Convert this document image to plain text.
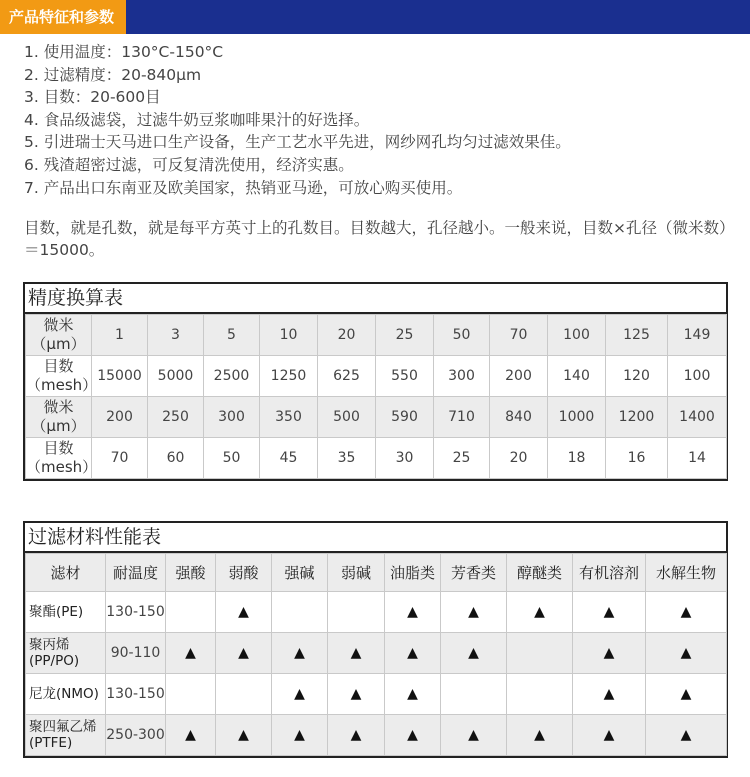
产品特征和参数
1. 使用温度：130°C-150°C
2. 过滤精度：20-840μm
3. 目数：20-600目
4. 食品级滤袋，过滤牛奶豆浆咖啡果汁的好选择。
5. 引进瑞士天马进口生产设备，生产工艺水平先进，网纱网孔均匀过滤效果佳。
6. 残渣超密过滤，可反复清洗使用，经济实惠。
7. 产品出口东南亚及欧美国家，热销亚马逊，可放心购买使用。
目数，就是孔数，就是每平方英寸上的孔数目。目数越大，孔径越小。一般来说，目数×孔径（微米数）＝15000。
精度换算表
微米（μm）	1	3	5	10	20	25	50	70	100	125	149
目数（mesh）	15000	5000	2500	1250	625	550	300	200	140	120	100
微米（μm）	200	250	300	350	500	590	710	840	1000	1200	1400
目数（mesh）	70	60	50	45	35	30	25	20	18	16	14
过滤材料性能表
滤材	耐温度	强酸	弱酸	强碱	弱碱	油脂类	芳香类	醇醚类	有机溶剂	水解生物
聚酯(PE)	130-150		▲			▲	▲	▲	▲	▲
聚丙烯(PP/PO)	90-110	▲	▲	▲	▲	▲	▲		▲	▲
尼龙(NMO)	130-150			▲	▲	▲			▲	▲
聚四氟乙烯(PTFE)	250-300	▲	▲	▲	▲	▲	▲	▲	▲	▲
